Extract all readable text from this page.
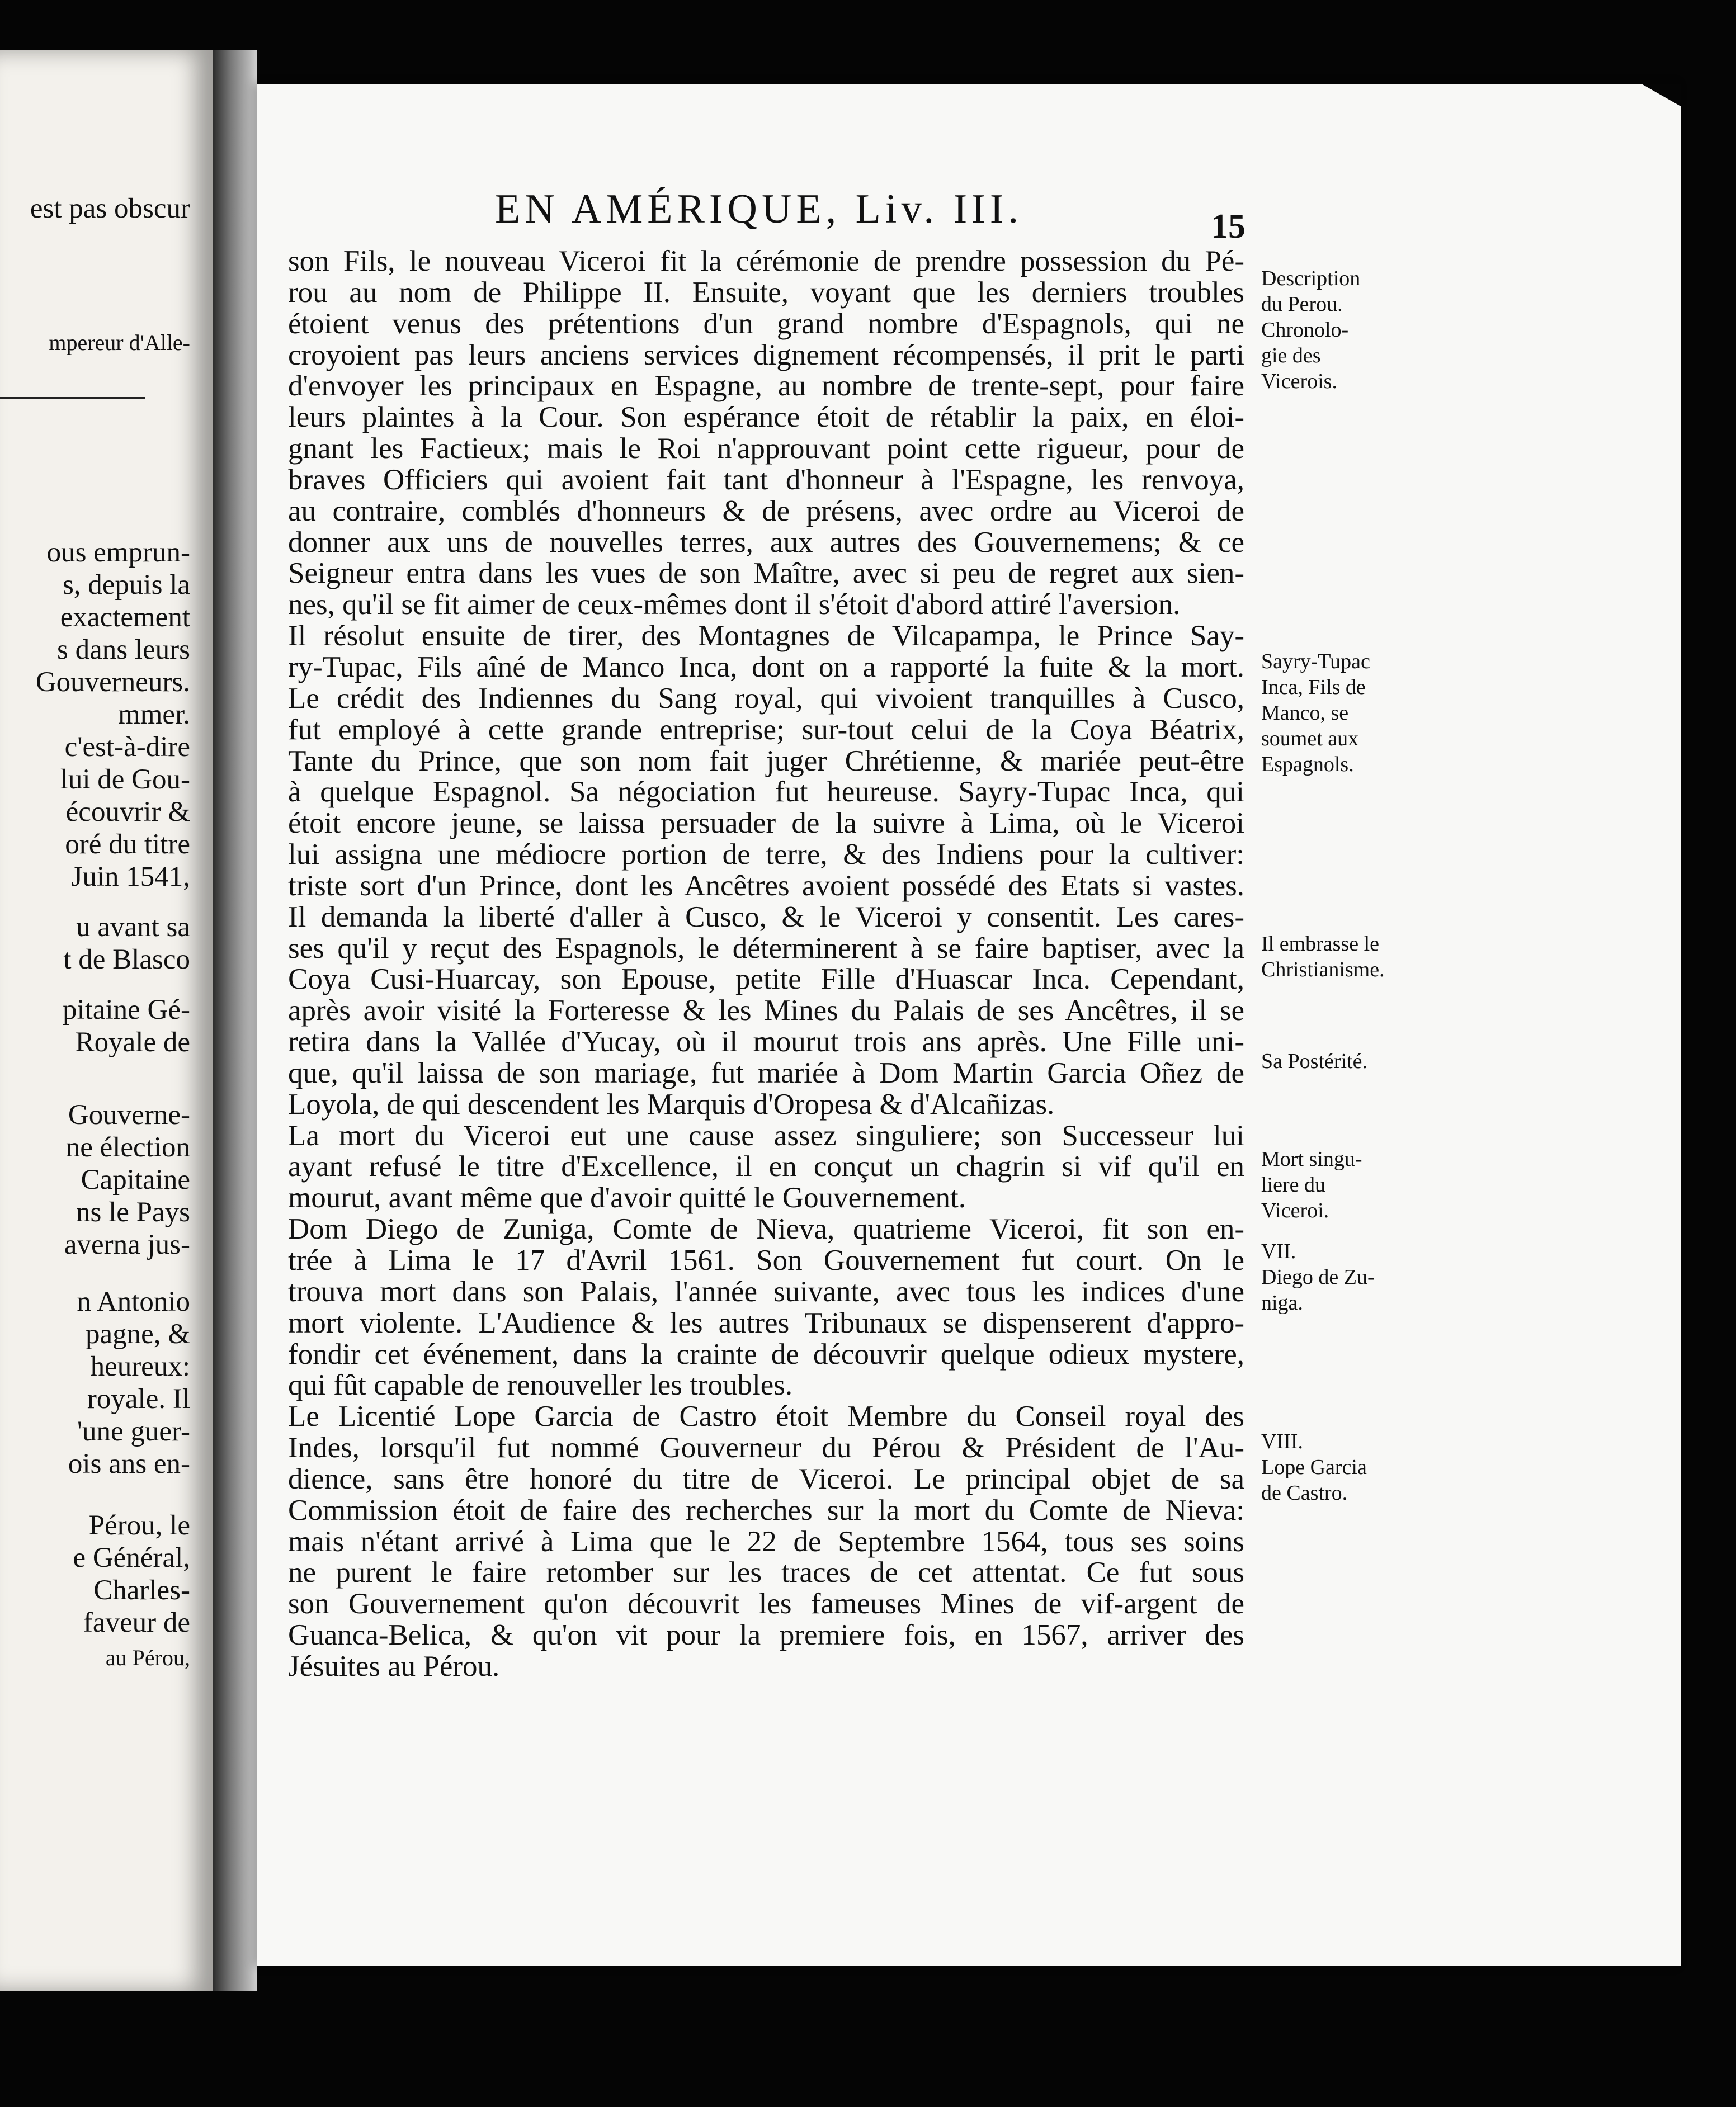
est pas obscur
mpereur d'Alle-
ous emprun-
s, depuis la
exactement
s dans leurs
Gouverneurs.
mmer.
c'est-à-dire
lui de Gou-
écouvrir &
oré du titre
Juin 1541,
u avant sa
t de Blasco
pitaine Gé-
Royale de
Gouverne-
ne élection
Capitaine
ns le Pays
averna jus-
n Antonio
pagne, &
heureux:
royale. Il
'une guer-
ois ans en-
Pérou, le
e Général,
Charles-
faveur de
au Pérou,
EN AMÉRIQUE, Liv. III.	15
son Fils, le nouveau Viceroi fit la cérémonie de prendre possession du Pé-
rou au nom de Philippe II. Ensuite, voyant que les derniers troubles
étoient venus des prétentions d'un grand nombre d'Espagnols, qui ne
croyoient pas leurs anciens services dignement récompensés, il prit le parti
d'envoyer les principaux en Espagne, au nombre de trente-sept, pour faire
leurs plaintes à la Cour. Son espérance étoit de rétablir la paix, en éloi-
gnant les Factieux; mais le Roi n'approuvant point cette rigueur, pour de
braves Officiers qui avoient fait tant d'honneur à l'Espagne, les renvoya,
au contraire, comblés d'honneurs & de présens, avec ordre au Viceroi de
donner aux uns de nouvelles terres, aux autres des Gouvernemens; & ce
Seigneur entra dans les vues de son Maître, avec si peu de regret aux sien-
nes, qu'il se fit aimer de ceux-mêmes dont il s'étoit d'abord attiré l'aversion.
Il résolut ensuite de tirer, des Montagnes de Vilcapampa, le Prince Say-
ry-Tupac, Fils aîné de Manco Inca, dont on a rapporté la fuite & la mort.
Le crédit des Indiennes du Sang royal, qui vivoient tranquilles à Cusco,
fut employé à cette grande entreprise; sur-tout celui de la Coya Béatrix,
Tante du Prince, que son nom fait juger Chrétienne, & mariée peut-être
à quelque Espagnol. Sa négociation fut heureuse. Sayry-Tupac Inca, qui
étoit encore jeune, se laissa persuader de la suivre à Lima, où le Viceroi
lui assigna une médiocre portion de terre, & des Indiens pour la cultiver:
triste sort d'un Prince, dont les Ancêtres avoient possédé des Etats si vastes.
Il demanda la liberté d'aller à Cusco, & le Viceroi y consentit. Les cares-
ses qu'il y reçut des Espagnols, le déterminerent à se faire baptiser, avec la
Coya Cusi-Huarcay, son Epouse, petite Fille d'Huascar Inca. Cependant,
après avoir visité la Forteresse & les Mines du Palais de ses Ancêtres, il se
retira dans la Vallée d'Yucay, où il mourut trois ans après. Une Fille uni-
que, qu'il laissa de son mariage, fut mariée à Dom Martin Garcia Oñez de
Loyola, de qui descendent les Marquis d'Oropesa & d'Alcañizas.
La mort du Viceroi eut une cause assez singuliere; son Successeur lui
ayant refusé le titre d'Excellence, il en conçut un chagrin si vif qu'il en
mourut, avant même que d'avoir quitté le Gouvernement.
Dom Diego de Zuniga, Comte de Nieva, quatrieme Viceroi, fit son en-
trée à Lima le 17 d'Avril 1561. Son Gouvernement fut court. On le
trouva mort dans son Palais, l'année suivante, avec tous les indices d'une
mort violente. L'Audience & les autres Tribunaux se dispenserent d'appro-
fondir cet événement, dans la crainte de découvrir quelque odieux mystere,
qui fût capable de renouveller les troubles.
Le Licentié Lope Garcia de Castro étoit Membre du Conseil royal des
Indes, lorsqu'il fut nommé Gouverneur du Pérou & Président de l'Au-
dience, sans être honoré du titre de Viceroi. Le principal objet de sa
Commission étoit de faire des recherches sur la mort du Comte de Nieva:
mais n'étant arrivé à Lima que le 22 de Septembre 1564, tous ses soins
ne purent le faire retomber sur les traces de cet attentat. Ce fut sous
son Gouvernement qu'on découvrit les fameuses Mines de vif-argent de
Guanca-Belica, & qu'on vit pour la premiere fois, en 1567, arriver des
Jésuites au Pérou.
Description
du Perou.
Chronolo-
gie des
Vicerois.
Sayry-Tupac
Inca, Fils de
Manco, se
soumet aux
Espagnols.
Il embrasse le
Christianisme.
Sa Postérité.
Mort singu-
liere du
Viceroi.
VII.
Diego de Zu-
niga.
VIII.
Lope Garcia
de Castro.
